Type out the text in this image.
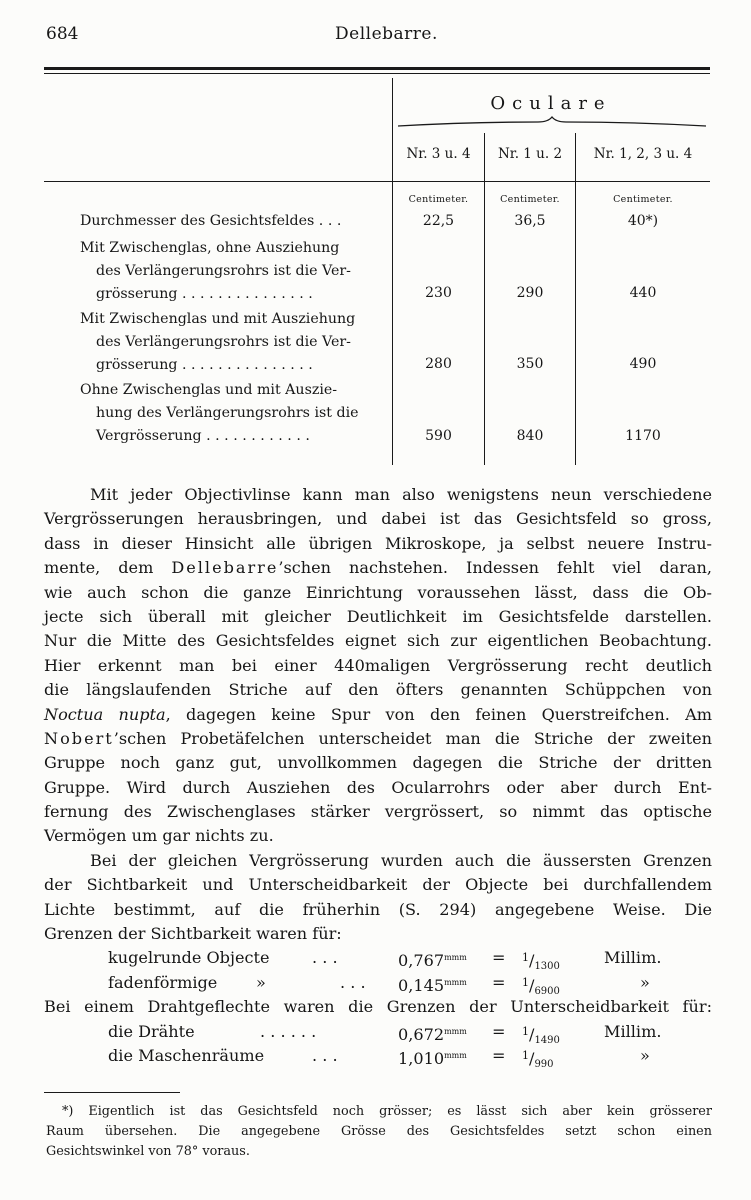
684	Dellebarre.
Oculare
Nr. 3 u. 4	Nr. 1 u. 2	Nr. 1, 2, 3 u. 4
Centimeter.	Centimeter.	Centimeter.
Durchmesser des Gesichtsfeldes . . .	22,5	36,5	40*)
Mit Zwischenglas, ohne Ausziehung
des Verlängerungsrohrs ist die Ver-
grösserung . . . . . . . . . . . . . . .	230	290	440
Mit Zwischenglas und mit Ausziehung
des Verlängerungsrohrs ist die Ver-
grösserung . . . . . . . . . . . . . . .	280	350	490
Ohne Zwischenglas und mit Auszie-
hung des Verlängerungsrohrs ist die
Vergrösserung . . . . . . . . . . . .	590	840	1170
Mit jeder Objectivlinse kann man also wenigstens neun verschiedene
Vergrösserungen herausbringen, und dabei ist das Gesichtsfeld so gross,
dass in dieser Hinsicht alle übrigen Mikroskope, ja selbst neuere Instru-
mente, dem Dellebarre’schen nachstehen. Indessen fehlt viel daran,
wie auch schon die ganze Einrichtung voraussehen lässt, dass die Ob-
jecte sich überall mit gleicher Deutlichkeit im Gesichtsfelde darstellen.
Nur die Mitte des Gesichtsfeldes eignet sich zur eigentlichen Beobachtung.
Hier erkennt man bei einer 440maligen Vergrösserung recht deutlich
die längslaufenden Striche auf den öfters genannten Schüppchen von
Noctua nupta, dagegen keine Spur von den feinen Querstreifchen. Am
Nobert’schen Probetäfelchen unterscheidet man die Striche der zweiten
Gruppe noch ganz gut, unvollkommen dagegen die Striche der dritten
Gruppe. Wird durch Ausziehen des Ocularrohrs oder aber durch Ent-
fernung des Zwischenglases stärker vergrössert, so nimmt das optische
Vermögen um gar nichts zu.
Bei der gleichen Vergrösserung wurden auch die äussersten Grenzen
der Sichtbarkeit und Unterscheidbarkeit der Objecte bei durchfallendem
Lichte bestimmt, auf die früherhin (S. 294) angegebene Weise. Die
Grenzen der Sichtbarkeit waren für:
kugelrunde Objecte	. . .	$0,767^{mmm} = ^1/_{1300}$	Millim.
fadenförmige »	. . . $0,145^{mmm} = ^1/_{6900}$	»
Bei einem Drahtgeflechte waren die Grenzen der Unterscheidbarkeit für:
die Drähte	. . . . . .	$0,672^{mmm} = ^1/_{1490}$	Millim.
die Maschenräume	. . .	$1,010^{mmm} = ^1/_{990}$	»
*) Eigentlich ist das Gesichtsfeld noch grösser; es lässt sich aber kein grösserer
Raum übersehen. Die angegebene Grösse des Gesichtsfeldes setzt schon einen
Gesichtswinkel von 78° voraus.
